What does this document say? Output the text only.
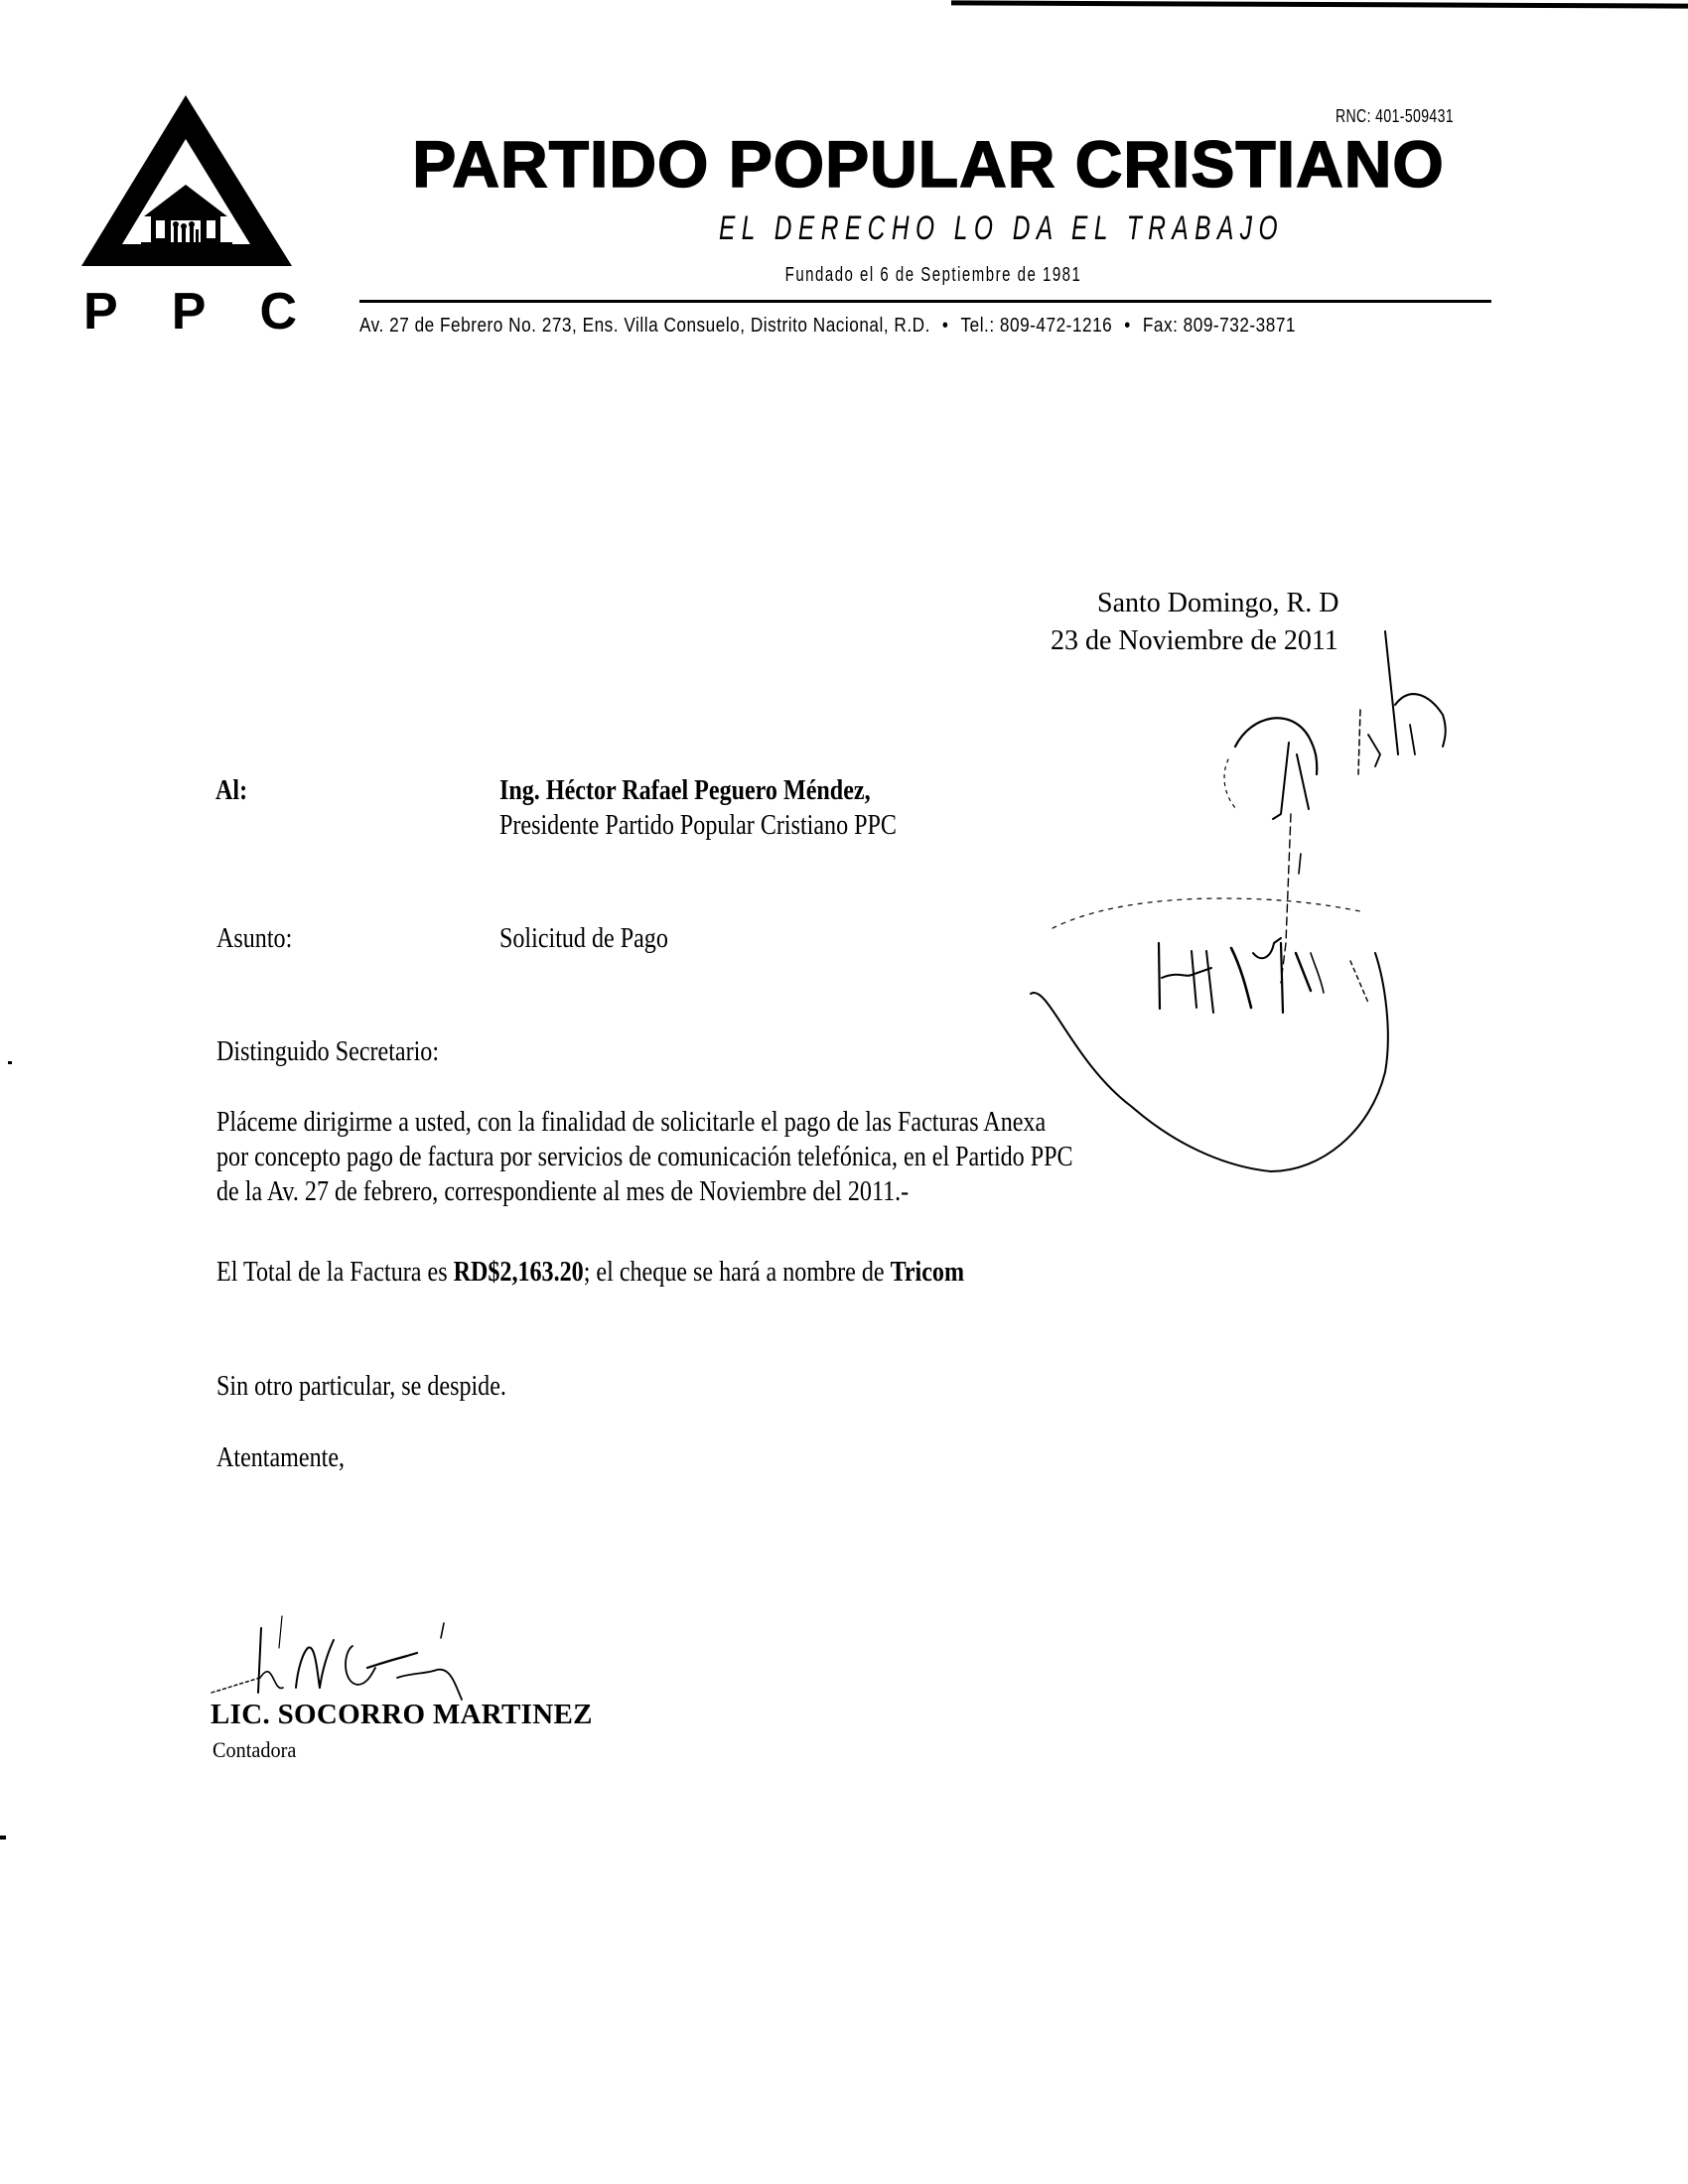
P P C
RNC: 401-509431
PARTIDO POPULAR CRISTIANO
EL DERECHO LO DA EL TRABAJO
Fundado el 6 de Septiembre de 1981
Av. 27 de Febrero No. 273, Ens. Villa Consuelo, Distrito Nacional, R.D. • Tel.: 809-472-1216 • Fax: 809-732-3871
Santo Domingo, R. D
23 de Noviembre de 2011
Al:	Ing. Héctor Rafael Peguero Méndez,
Presidente Partido Popular Cristiano PPC
Asunto:	Solicitud de Pago
Distinguido Secretario:
Pláceme dirigirme a usted, con la finalidad de solicitarle el pago de las Facturas Anexa
por concepto pago de factura por servicios de comunicación telefónica, en el Partido PPC
de la Av. 27 de febrero, correspondiente al mes de Noviembre del 2011.-
El Total de la Factura es RD$2,163.20; el cheque se hará a nombre de Tricom
Sin otro particular, se despide.
Atentamente,
LIC. SOCORRO MARTINEZ
Contadora
